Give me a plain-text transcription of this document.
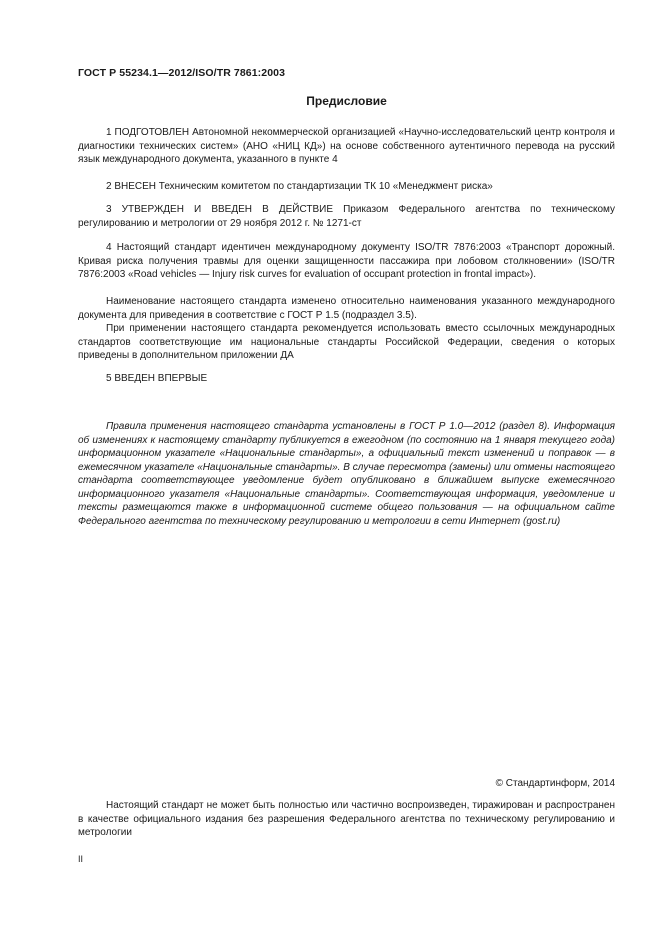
ГОСТ Р 55234.1—2012/ISO/TR 7861:2003
Предисловие

1 ПОДГОТОВЛЕН Автономной некоммерческой организацией «Научно-исследовательский центр контроля и диагностики технических систем» (АНО «НИЦ КД») на основе собственного аутентичного перевода на русский язык международного документа, указанного в пункте 4

2 ВНЕСЕН Техническим комитетом по стандартизации ТК 10 «Менеджмент риска»

3 УТВЕРЖДЕН И ВВЕДЕН В ДЕЙСТВИЕ Приказом Федерального агентства по техническому регулированию и метрологии от 29 ноября 2012 г. № 1271-ст

4 Настоящий стандарт идентичен международному документу ISO/TR 7876:2003 «Транспорт дорожный. Кривая риска получения травмы для оценки защищенности пассажира при лобовом столкновении» (ISO/TR 7876:2003 «Road vehicles — Injury risk curves for evaluation of occupant protection in frontal impact»).

Наименование настоящего стандарта изменено относительно наименования указанного международного документа для приведения в соответствие с ГОСТ Р 1.5 (подраздел 3.5).

При применении настоящего стандарта рекомендуется использовать вместо ссылочных международных стандартов соответствующие им национальные стандарты Российской Федерации, сведения о которых приведены в дополнительном приложении ДА

5 ВВЕДЕН ВПЕРВЫЕ

Правила применения настоящего стандарта установлены в ГОСТ Р 1.0—2012 (раздел 8). Информация об изменениях к настоящему стандарту публикуется в ежегодном (по состоянию на 1 января текущего года) информационном указателе «Национальные стандарты», а официальный текст изменений и поправок — в ежемесячном указателе «Национальные стандарты». В случае пересмотра (замены) или отмены настоящего стандарта соответствующее уведомление будет опубликовано в ближайшем выпуске ежемесячного информационного указателя «Национальные стандарты». Соответствующая информация, уведомление и тексты размещаются также в информационной системе общего пользования — на официальном сайте Федерального агентства по техническому регулированию и метрологии в сети Интернет (gost.ru)

© Стандартинформ, 2014

Настоящий стандарт не может быть полностью или частично воспроизведен, тиражирован и распространен в качестве официального издания без разрешения Федерального агентства по техническому регулированию и метрологии

II
